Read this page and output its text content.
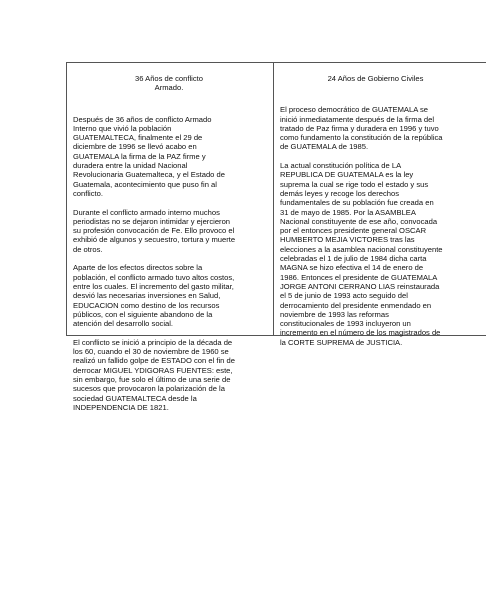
36 Años de conflicto
Armado.

Después de 36 años de conflicto Armado
Interno que vivió la población
GUATEMALTECA, finalmente el 29 de
diciembre de 1996 se llevó acabo en
GUATEMALA la firma de la PAZ firme y
duradera entre la unidad Nacional
Revolucionaria Guatemalteca, y el Estado de
Guatemala, acontecimiento que puso fin al
conflicto.

Durante el conflicto armado interno muchos
periodistas no se dejaron intimidar y ejercieron
su profesión convocación de Fe. Ello provoco el
exhibió de algunos y secuestro, tortura y muerte
de otros.

Aparte de los efectos directos sobre la
población, el conflicto armado tuvo altos costos,
entre los cuales. El incremento del gasto militar,
desvió las necesarias inversiones en Salud,
EDUCACION como destino de los recursos
públicos, con el siguiente abandono de la
atención del desarrollo social.

El conflicto se inició a principio de la década de
los 60, cuando el 30 de noviembre de 1960 se
realizó un fallido golpe de ESTADO con el fin de
derrocar MIGUEL YDIGORAS FUENTES: este,
sin embargo, fue solo el último de una serie de
sucesos que provocaron la polarización de la
sociedad GUATEMALTECA desde la
INDEPENDENCIA DE 1821.

24 Años de Gobierno Civiles

El proceso democrático de GUATEMALA se
inició inmediatamente después de la firma del
tratado de Paz firma y duradera en 1996 y tuvo
como fundamento la constitución de la república
de GUATEMALA de 1985.

La actual constitución política de LA
REPUBLICA DE GUATEMALA es la ley
suprema la cual se rige todo el estado y sus
demás leyes y recoge los derechos
fundamentales de su población fue creada en
31 de mayo de 1985. Por la ASAMBLEA
Nacional constituyente de ese año, convocada
por el entonces presidente general OSCAR
HUMBERTO MEJIA VICTORES tras las
elecciones a la asamblea nacional constituyente
celebradas el 1 de julio de 1984 dicha carta
MAGNA se hizo efectiva el 14 de enero de
1986. Entonces el presidente de GUATEMALA
JORGE ANTONI CERRANO LIAS reinstaurada
el 5 de junio de 1993 acto seguido del
derrocamiento del presidente enmendado en
noviembre de 1993 las reformas
constitucionales de 1993 incluyeron un
incremento en el número de los magistrados de
la CORTE SUPREMA de JUSTICIA.
